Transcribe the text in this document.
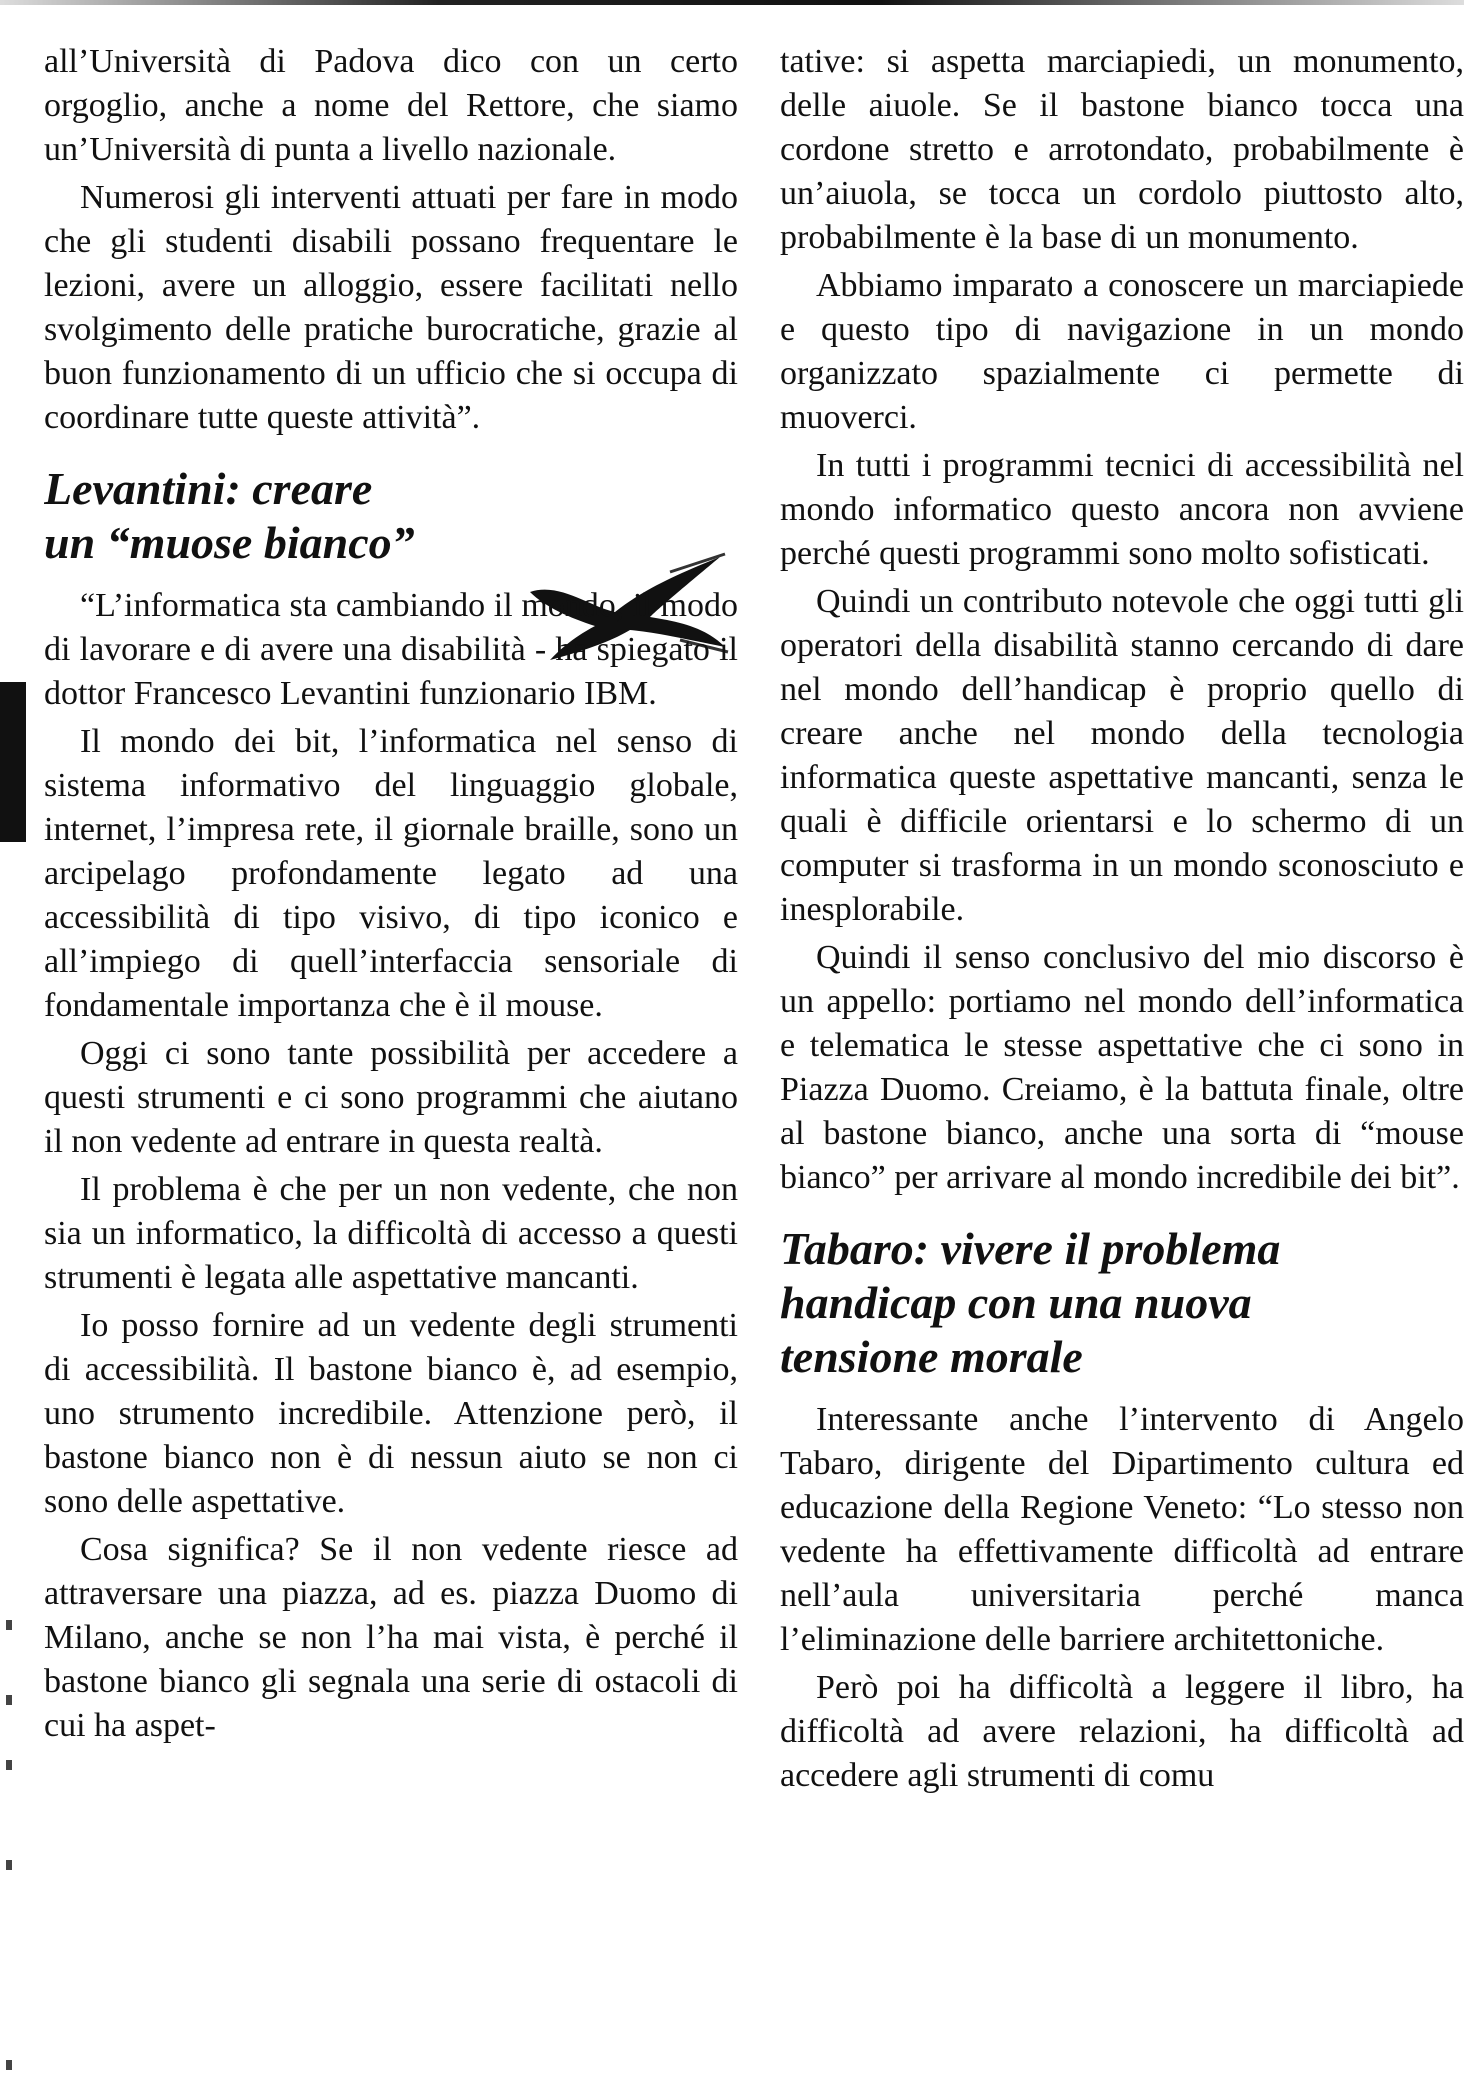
all’Università di Padova dico con un certo orgoglio, anche a nome del Rettore, che siamo un’Università di punta a livello nazionale.

Numerosi gli interventi attuati per fare in modo che gli studenti disabili possano frequentare le lezioni, avere un alloggio, essere facilitati nello svolgimento delle pratiche burocratiche, grazie al buon funzionamento di un ufficio che si occupa di coordinare tutte queste attività”.

Levantini: creare
un “muose bianco”

“L’informatica sta cambiando il mondo, il modo di lavorare e di avere una disabilità - ha spiegato il dottor Francesco Levantini funzionario IBM.

Il mondo dei bit, l’informatica nel senso di sistema informativo del linguaggio globale, internet, l’impresa rete, il giornale braille, sono un arcipelago profondamente legato ad una accessibilità di tipo visivo, di tipo iconico e all’impiego di quell’interfaccia sensoriale di fondamentale importanza che è il mouse.

Oggi ci sono tante possibilità per accedere a questi strumenti e ci sono programmi che aiutano il non vedente ad entrare in questa realtà.

Il problema è che per un non vedente, che non sia un informatico, la difficoltà di accesso a questi strumenti è legata alle aspettative mancanti.

Io posso fornire ad un vedente degli strumenti di accessibilità. Il bastone bianco è, ad esempio, uno strumento incredibile. Attenzione però, il bastone bianco non è di nessun aiuto se non ci sono delle aspettative.

Cosa significa? Se il non vedente riesce ad attraversare una piazza, ad es. piazza Duomo di Milano, anche se non l’ha mai vista, è perché il bastone bianco gli segnala una serie di ostacoli di cui ha aspet-

tative: si aspetta marciapiedi, un monumento, delle aiuole. Se il bastone bianco tocca una cordone stretto e arrotondato, probabilmente è un’aiuola, se tocca un cordolo piuttosto alto, probabilmente è la base di un monumento.

Abbiamo imparato a conoscere un marciapiede e questo tipo di navigazione in un mondo organizzato spazialmente ci permette di muoverci.

In tutti i programmi tecnici di accessibilità nel mondo informatico questo ancora non avviene perché questi programmi sono molto sofisticati.

Quindi un contributo notevole che oggi tutti gli operatori della disabilità stanno cercando di dare nel mondo dell’handicap è proprio quello di creare anche nel mondo della tecnologia informatica queste aspettative mancanti, senza le quali è difficile orientarsi e lo schermo di un computer si trasforma in un mondo sconosciuto e inesplorabile.

Quindi il senso conclusivo del mio discorso è un appello: portiamo nel mondo dell’informatica e telematica le stesse aspettative che ci sono in Piazza Duomo. Creiamo, è la battuta finale, oltre al bastone bianco, anche una sorta di “mouse bianco” per arrivare al mondo incredibile dei bit”.

Tabaro: vivere il problema
handicap con una nuova
tensione morale

Interessante anche l’intervento di Angelo Tabaro, dirigente del Dipartimento cultura ed educazione della Regione Veneto: “Lo stesso non vedente ha effettivamente difficoltà ad entrare nell’aula universitaria perché manca l’eliminazione delle barriere architettoniche.

Però poi ha difficoltà a leggere il libro, ha difficoltà ad avere relazioni, ha difficoltà ad accedere agli strumenti di comu
